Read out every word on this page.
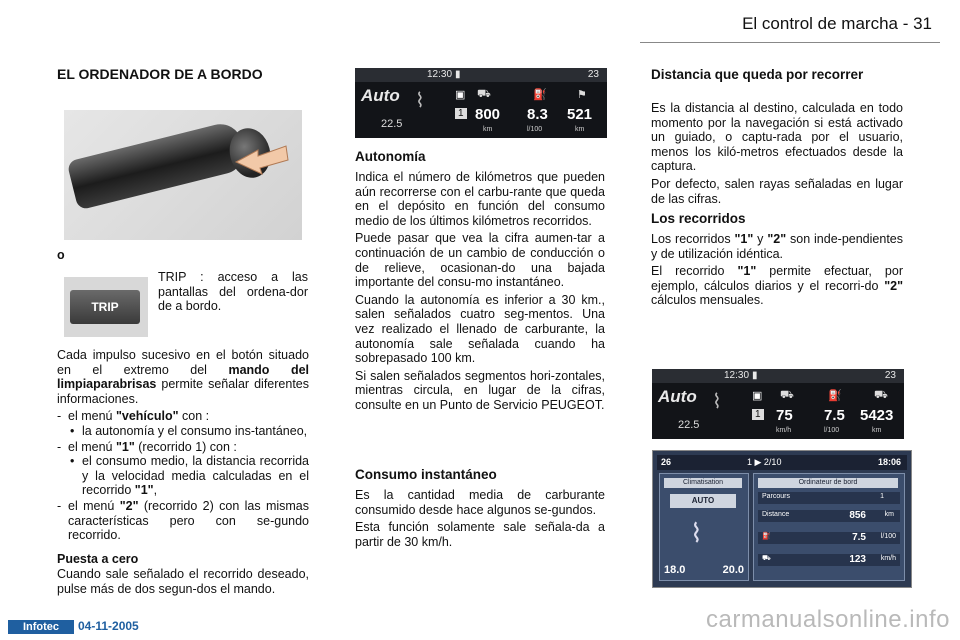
El control de marcha - 31
EL ORDENADOR DE A BORDO
o
TRIP
TRIP : acceso a las pantallas del ordena-dor de a bordo.

Cada impulso sucesivo en el botón situado en el extremo del mando del limpiaparabrisas permite señalar diferentes informaciones.

- el menú "vehículo" con :
• la autonomía y el consumo ins-tantáneo,
- el menú "1" (recorrido 1) con :
• el consumo medio, la distancia recorrida y la velocidad media calculadas en el recorrido "1",
- el menú "2" (recorrido 2) con las mismas características pero con se-gundo recorrido.
Puesta a cero
Cuando sale señalado el recorrido deseado, pulse más de dos segun-dos el mando.
12:30 ▮	23
Auto
22.5
⌇	▣
1
⛟	⛽	⚑
800
km
8.3
l/100
521
km
Autonomía

Indica el número de kilómetros que pueden aún recorrerse con el carbu-rante que queda en el depósito en función del consumo medio de los últimos kilómetros recorridos.

Puede pasar que vea la cifra aumen-tar a continuación de un cambio de conducción o de relieve, ocasionan-do una bajada importante del consu-mo instantáneo.

Cuando la autonomía es inferior a 30 km., salen señalados cuatro seg-mentos. Una vez realizado el llenado de carburante, la autonomía sale señalada cuando ha sobrepasado 100 km.

Si salen señalados segmentos hori-zontales, mientras circula, en lugar de la cifras, consulte en un Punto de Servicio PEUGEOT.

Consumo instantáneo

Es la cantidad media de carburante consumido desde hace algunos se-gundos.

Esta función solamente sale señala-da a partir de 30 km/h.

Distancia que queda por recorrer

Es la distancia al destino, calculada en todo momento por la navegación si está activado un guiado, o captu-rada por el usuario, menos los kiló-metros efectuados desde la captura.

Por defecto, salen rayas señaladas en lugar de las cifras.

Los recorridos

Los recorridos "1" y "2" son inde-pendientes y de utilización idéntica.

El recorrido "1" permite efectuar, por ejemplo, cálculos diarios y el recorri-do "2" cálculos mensuales.

12:30 ▮	23
Auto
22.5
⌇	▣
1
⛟	⛽	⛟
75
km/h
7.5
l/100
5423
km
26	1 ▶ 2/10	18:06
Climatisation
AUTO
⌇
18.0	20.0
Ordinateur de bord
Parcours	1
Distance	856	km
⛽	7.5 l/100
⛟	123 km/h
Infotec	04-11-2005	carmanualsonline.info
